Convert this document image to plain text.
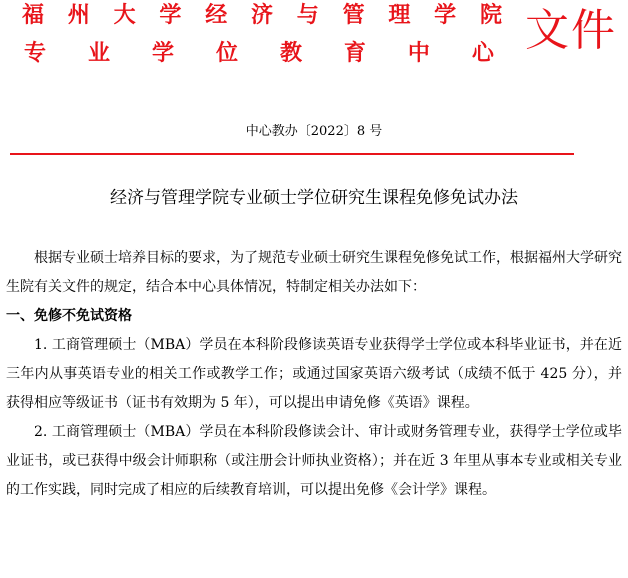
福 州 大 学 经 济 与 管 理 学 院
专 业 学 位 教 育 中 心 文件
中心教办〔2022〕8 号
经济与管理学院专业硕士学位研究生课程免修免试办法

根据专业硕士培养目标的要求，为了规范专业硕士研究生课程免修免试工作，根据福州大学研究生院有关文件的规定，结合本中心具体情况，特制定相关办法如下：

一、免修不免试资格

1. 工商管理硕士（MBA）学员在本科阶段修读英语专业获得学士学位或本科毕业证书，并在近三年内从事英语专业的相关工作或教学工作；或通过国家英语六级考试（成绩不低于 425 分），并获得相应等级证书（证书有效期为 5 年），可以提出申请免修《英语》课程。

2. 工商管理硕士（MBA）学员在本科阶段修读会计、审计或财务管理专业，获得学士学位或毕业证书，或已获得中级会计师职称（或注册会计师执业资格）；并在近 3 年里从事本专业或相关专业的工作实践，同时完成了相应的后续教育培训，可以提出免修《会计学》课程。
